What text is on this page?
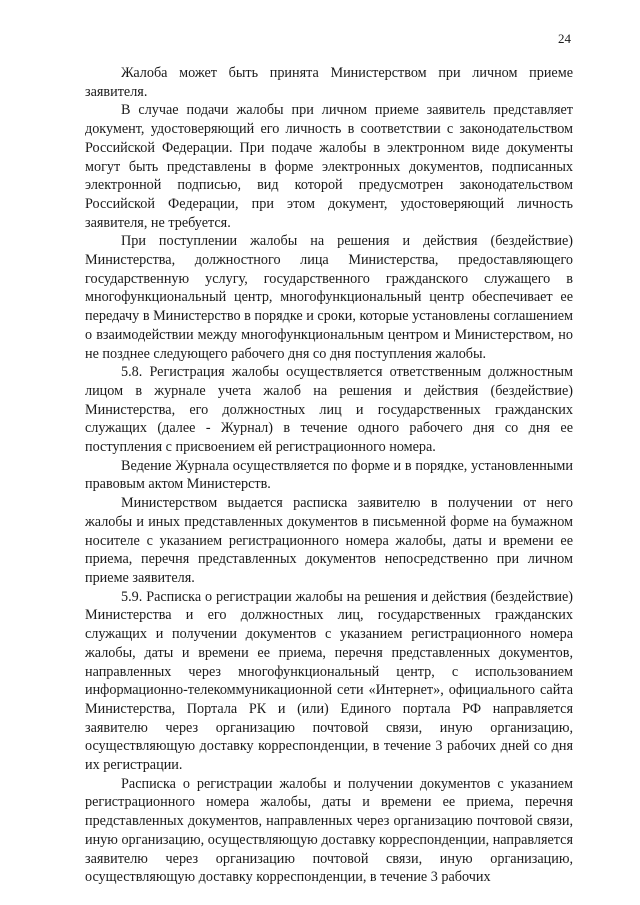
24

Жалоба может быть принята Министерством при личном приеме заявителя.

В случае подачи жалобы при личном приеме заявитель представляет документ, удостоверяющий его личность в соответствии с законодательством Российской Федерации. При подаче жалобы в электронном виде документы могут быть представлены в форме электронных документов, подписанных электронной подписью, вид которой предусмотрен законодательством Российской Федерации, при этом документ, удостоверяющий личность заявителя, не требуется.

При поступлении жалобы на решения и действия (бездействие) Министерства, должностного лица Министерства, предоставляющего государственную услугу, государственного гражданского служащего в многофункциональный центр, многофункциональный центр обеспечивает ее передачу в Министерство в порядке и сроки, которые установлены соглашением о взаимодействии между многофункциональным центром и Министерством, но не позднее следующего рабочего дня со дня поступления жалобы.

5.8. Регистрация жалобы осуществляется ответственным должностным лицом в журнале учета жалоб на решения и действия (бездействие) Министерства, его должностных лиц и государственных гражданских служащих (далее - Журнал) в течение одного рабочего дня со дня ее поступления с присвоением ей регистрационного номера.

Ведение Журнала осуществляется по форме и в порядке, установленными правовым актом Министерств.

Министерством выдается расписка заявителю в получении от него жалобы и иных представленных документов в письменной форме на бумажном носителе с указанием регистрационного номера жалобы, даты и времени ее приема, перечня представленных документов непосредственно при личном приеме заявителя.

5.9. Расписка о регистрации жалобы на решения и действия (бездействие) Министерства и его должностных лиц, государственных гражданских служащих и получении документов с указанием регистрационного номера жалобы, даты и времени ее приема, перечня представленных документов, направленных через многофункциональный центр, с использованием информационно-телекоммуникационной сети «Интернет», официального сайта Министерства, Портала РК и (или) Единого портала РФ направляется заявителю через организацию почтовой связи, иную организацию, осуществляющую доставку корреспонденции, в течение 3 рабочих дней со дня их регистрации.

Расписка о регистрации жалобы и получении документов с указанием регистрационного номера жалобы, даты и времени ее приема, перечня представленных документов, направленных через организацию почтовой связи, иную организацию, осуществляющую доставку корреспонденции, направляется заявителю через организацию почтовой связи, иную организацию, осуществляющую доставку корреспонденции, в течение 3 рабочих
